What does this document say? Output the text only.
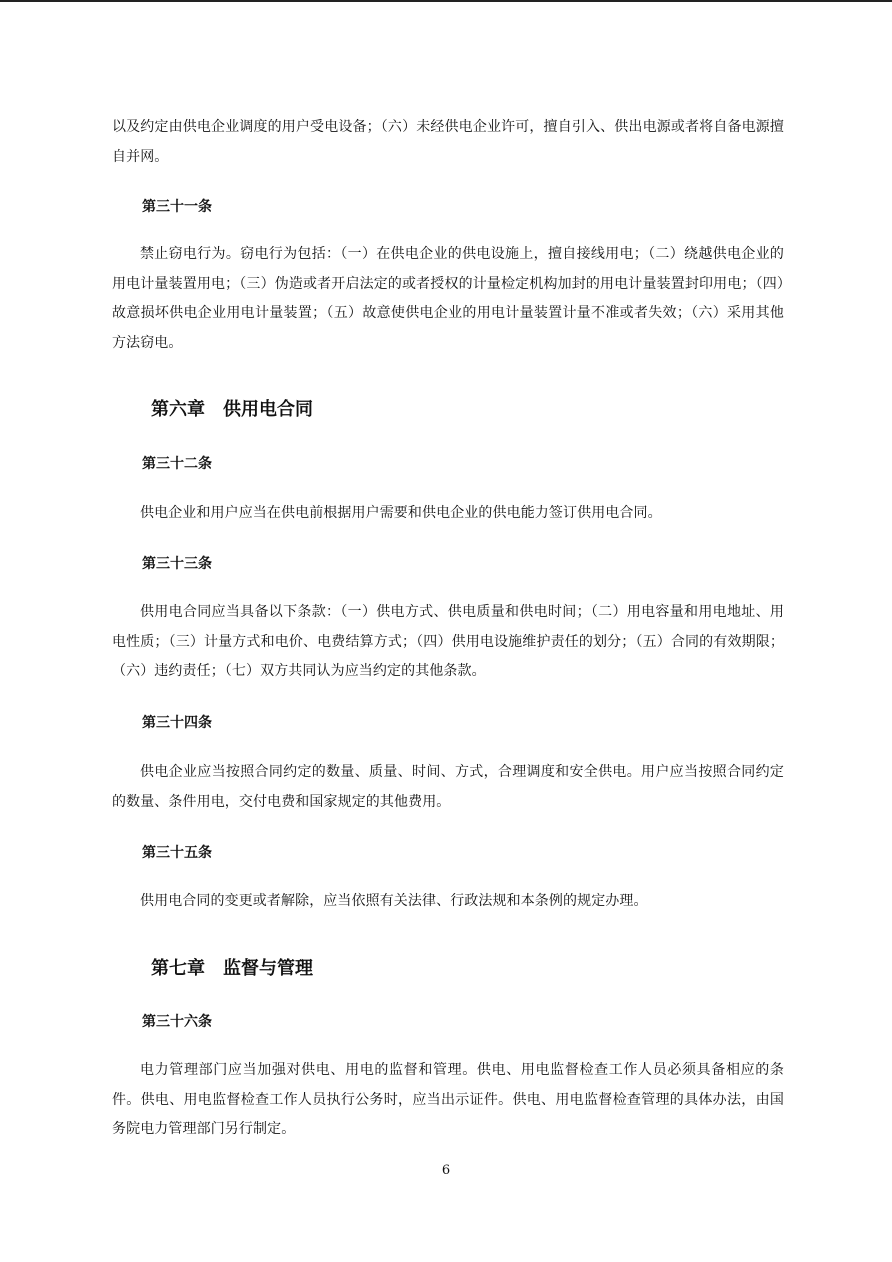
以及约定由供电企业调度的用户受电设备；（六）未经供电企业许可，擅自引入、供出电源或者将自备电源擅自并网。

第三十一条

禁止窃电行为。窃电行为包括：（一）在供电企业的供电设施上，擅自接线用电；（二）绕越供电企业的用电计量装置用电；（三）伪造或者开启法定的或者授权的计量检定机构加封的用电计量装置封印用电；（四）故意损坏供电企业用电计量装置；（五）故意使供电企业的用电计量装置计量不准或者失效；（六）采用其他方法窃电。

第六章　供用电合同
第三十二条

供电企业和用户应当在供电前根据用户需要和供电企业的供电能力签订供用电合同。

第三十三条

供用电合同应当具备以下条款：（一）供电方式、供电质量和供电时间；（二）用电容量和用电地址、用电性质；（三）计量方式和电价、电费结算方式；（四）供用电设施维护责任的划分；（五）合同的有效期限；（六）违约责任；（七）双方共同认为应当约定的其他条款。

第三十四条

供电企业应当按照合同约定的数量、质量、时间、方式，合理调度和安全供电。用户应当按照合同约定的数量、条件用电，交付电费和国家规定的其他费用。

第三十五条

供用电合同的变更或者解除，应当依照有关法律、行政法规和本条例的规定办理。

第七章　监督与管理
第三十六条

电力管理部门应当加强对供电、用电的监督和管理。供电、用电监督检查工作人员必须具备相应的条件。供电、用电监督检查工作人员执行公务时，应当出示证件。供电、用电监督检查管理的具体办法，由国务院电力管理部门另行制定。

6
